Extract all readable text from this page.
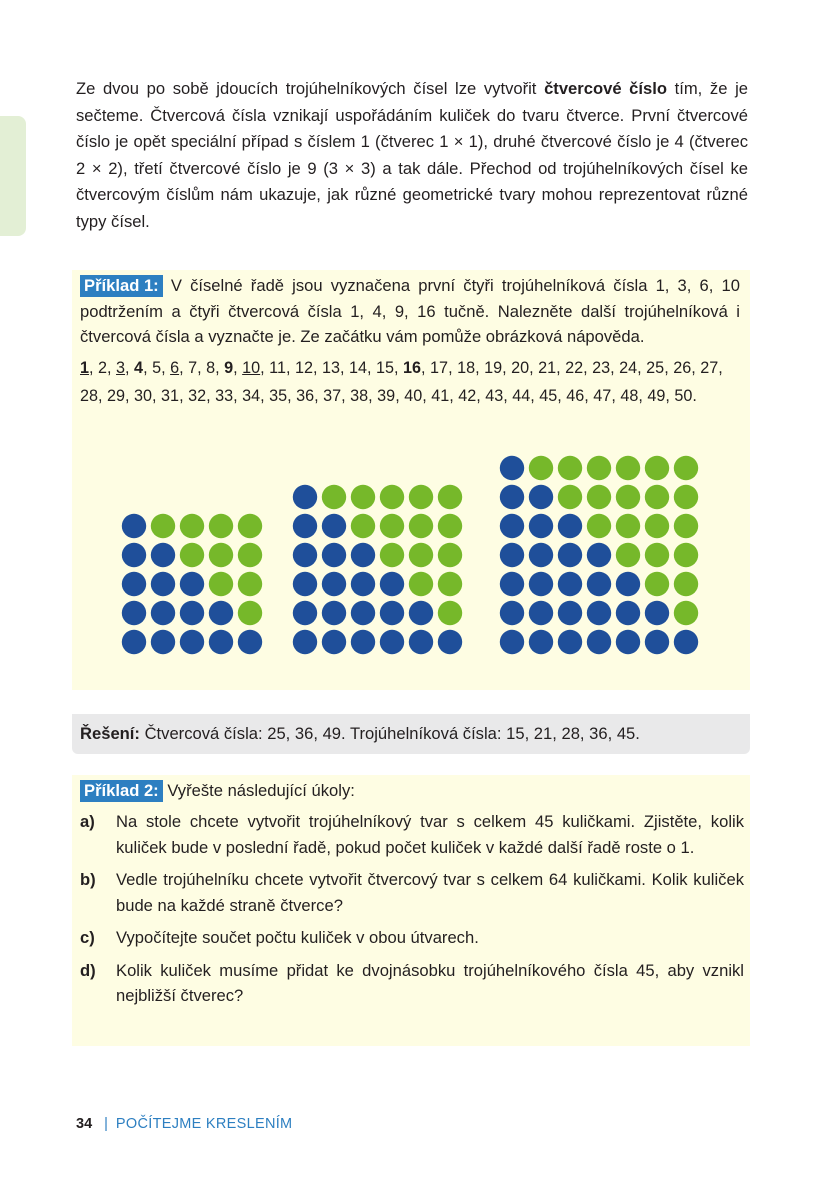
Ze dvou po sobě jdoucích trojúhelníkových čísel lze vytvořit čtvercové číslo tím, že je sečteme. Čtvercová čísla vznikají uspořádáním kuliček do tvaru čtverce. První čtvercové číslo je opět speciální případ s číslem 1 (čtverec 1 × 1), druhé čtvercové číslo je 4 (čtverec 2 × 2), třetí čtvercové číslo je 9 (3 × 3) a tak dále. Přechod od trojúhelníkových čísel ke čtvercovým číslům nám ukazuje, jak různé geometrické tvary mohou reprezentovat různé typy čísel.

Příklad 1: V číselné řadě jsou vyznačena první čtyři trojúhelníková čísla 1, 3, 6, 10 podtržením a čtyři čtvercová čísla 1, 4, 9, 16 tučně. Nalezněte další trojúhelníková i čtvercová čísla a vyznačte je. Ze začátku vám pomůže obrázková nápověda.

1, 2, 3, 4, 5, 6, 7, 8, 9, 10, 11, 12, 13, 14, 15, 16, 17, 18, 19, 20, 21, 22, 23, 24, 25, 26, 27, 28, 29, 30, 31, 32, 33, 34, 35, 36, 37, 38, 39, 40, 41, 42, 43, 44, 45, 46, 47, 48, 49, 50.

Řešení: Čtvercová čísla: 25, 36, 49. Trojúhelníková čísla: 15, 21, 28, 36, 45.

Příklad 2: Vyřešte následující úkoly:

a) Na stole chcete vytvořit trojúhelníkový tvar s celkem 45 kuličkami. Zjistěte, kolik kuliček bude v poslední řadě, pokud počet kuliček v každé další řadě roste o 1.
b) Vedle trojúhelníku chcete vytvořit čtvercový tvar s celkem 64 kuličkami. Kolik kuliček bude na každé straně čtverce?
c) Vypočítejte součet počtu kuliček v obou útvarech.
d) Kolik kuliček musíme přidat ke dvojnásobku trojúhelníkového čísla 45, aby vznikl nejbližší čtverec?
34 | POČÍTEJME KRESLENÍM
